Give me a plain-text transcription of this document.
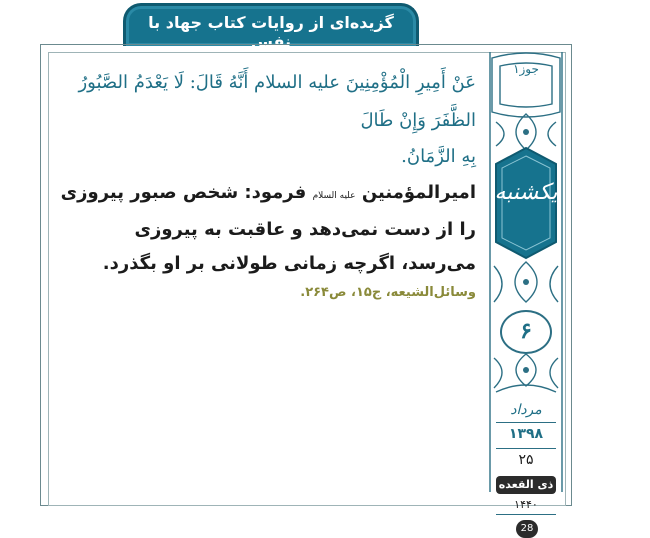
گزیده‌ای از روایات کتاب جهاد با نفس

عَنْ أَمِيرِ الْمُؤْمِنِينَ عليه السلام أَنَّهُ قَالَ: لَا يَعْدَمُ الصَّبُورُ الظَّفَرَ وَإِنْ طَالَ

بِهِ الزَّمَانُ.

امیرالمؤمنین علیه السلام فرمود: شخص صبور پیروزی را از دست نمی‌دهد و عاقبت به پیروزی می‌رسد، اگرچه زمانی طولانی بر او بگذرد.

وسائل‌الشیعه، ج۱۵، ص۲۶۴.
جوز۱
یکشنبه
۶
مرداد
۱۳۹۸
۲۵
ذی القعده
۱۴۴۰
28
